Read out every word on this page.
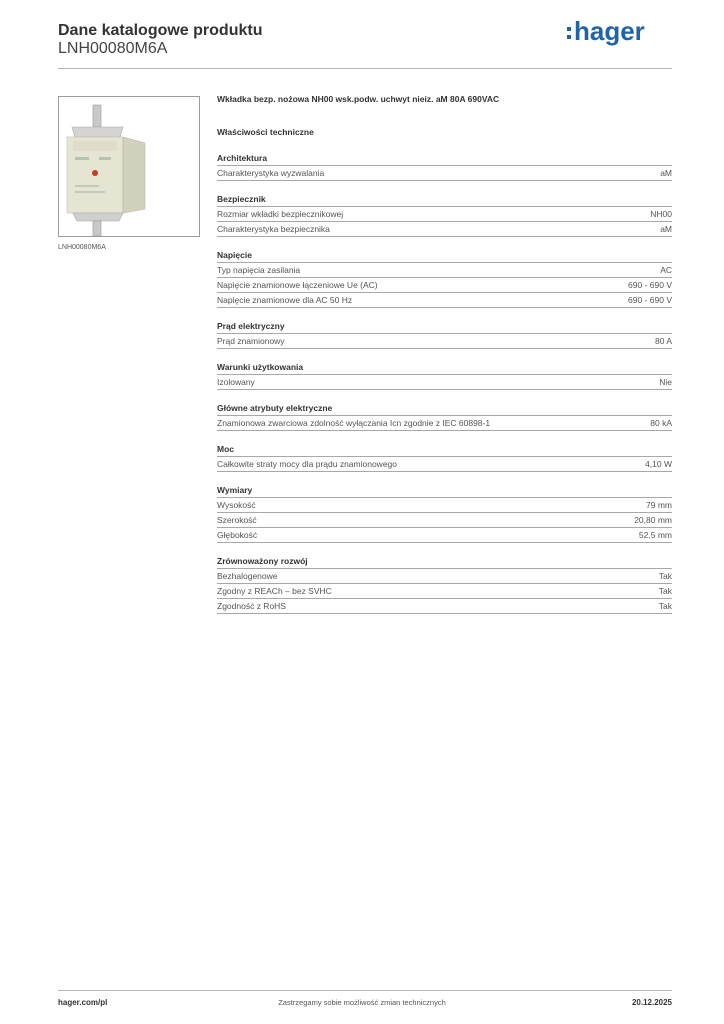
Dane katalogowe produktu
LNH00080M6A
hager
LNH00080M6A
Wkładka bezp. nożowa NH00 wsk.podw. uchwyt nieiz. aM 80A 690VAC
Właściwości techniczne
Architektura
Charakterystyka wyzwalania	aM
Bezpiecznik
Rozmiar wkładki bezpiecznikowej	NH00
Charakterystyka bezpiecznika	aM
Napięcie
Typ napięcia zasilania	AC
Napięcie znamionowe łączeniowe Ue (AC)	690 - 690 V
Napięcie znamionowe dla AC 50 Hz	690 - 690 V
Prąd elektryczny
Prąd znamionowy	80 A
Warunki użytkowania
Izolowany	Nie
Główne atrybuty elektryczne
Znamionowa zwarciowa zdolność wyłączania Icn zgodnie z IEC 60898-1	80 kA
Moc
Całkowite straty mocy dla prądu znamionowego	4,10 W
Wymiary
Wysokość	79 mm
Szerokość	20,80 mm
Głębokość	52,5 mm
Zrównoważony rozwój
Bezhalogenowe	Tak
Zgodny z REACh – bez SVHC	Tak
Zgodność z RoHS	Tak
hager.com/pl	Zastrzegamy sobie możliwość zmian technicznych	20.12.2025
